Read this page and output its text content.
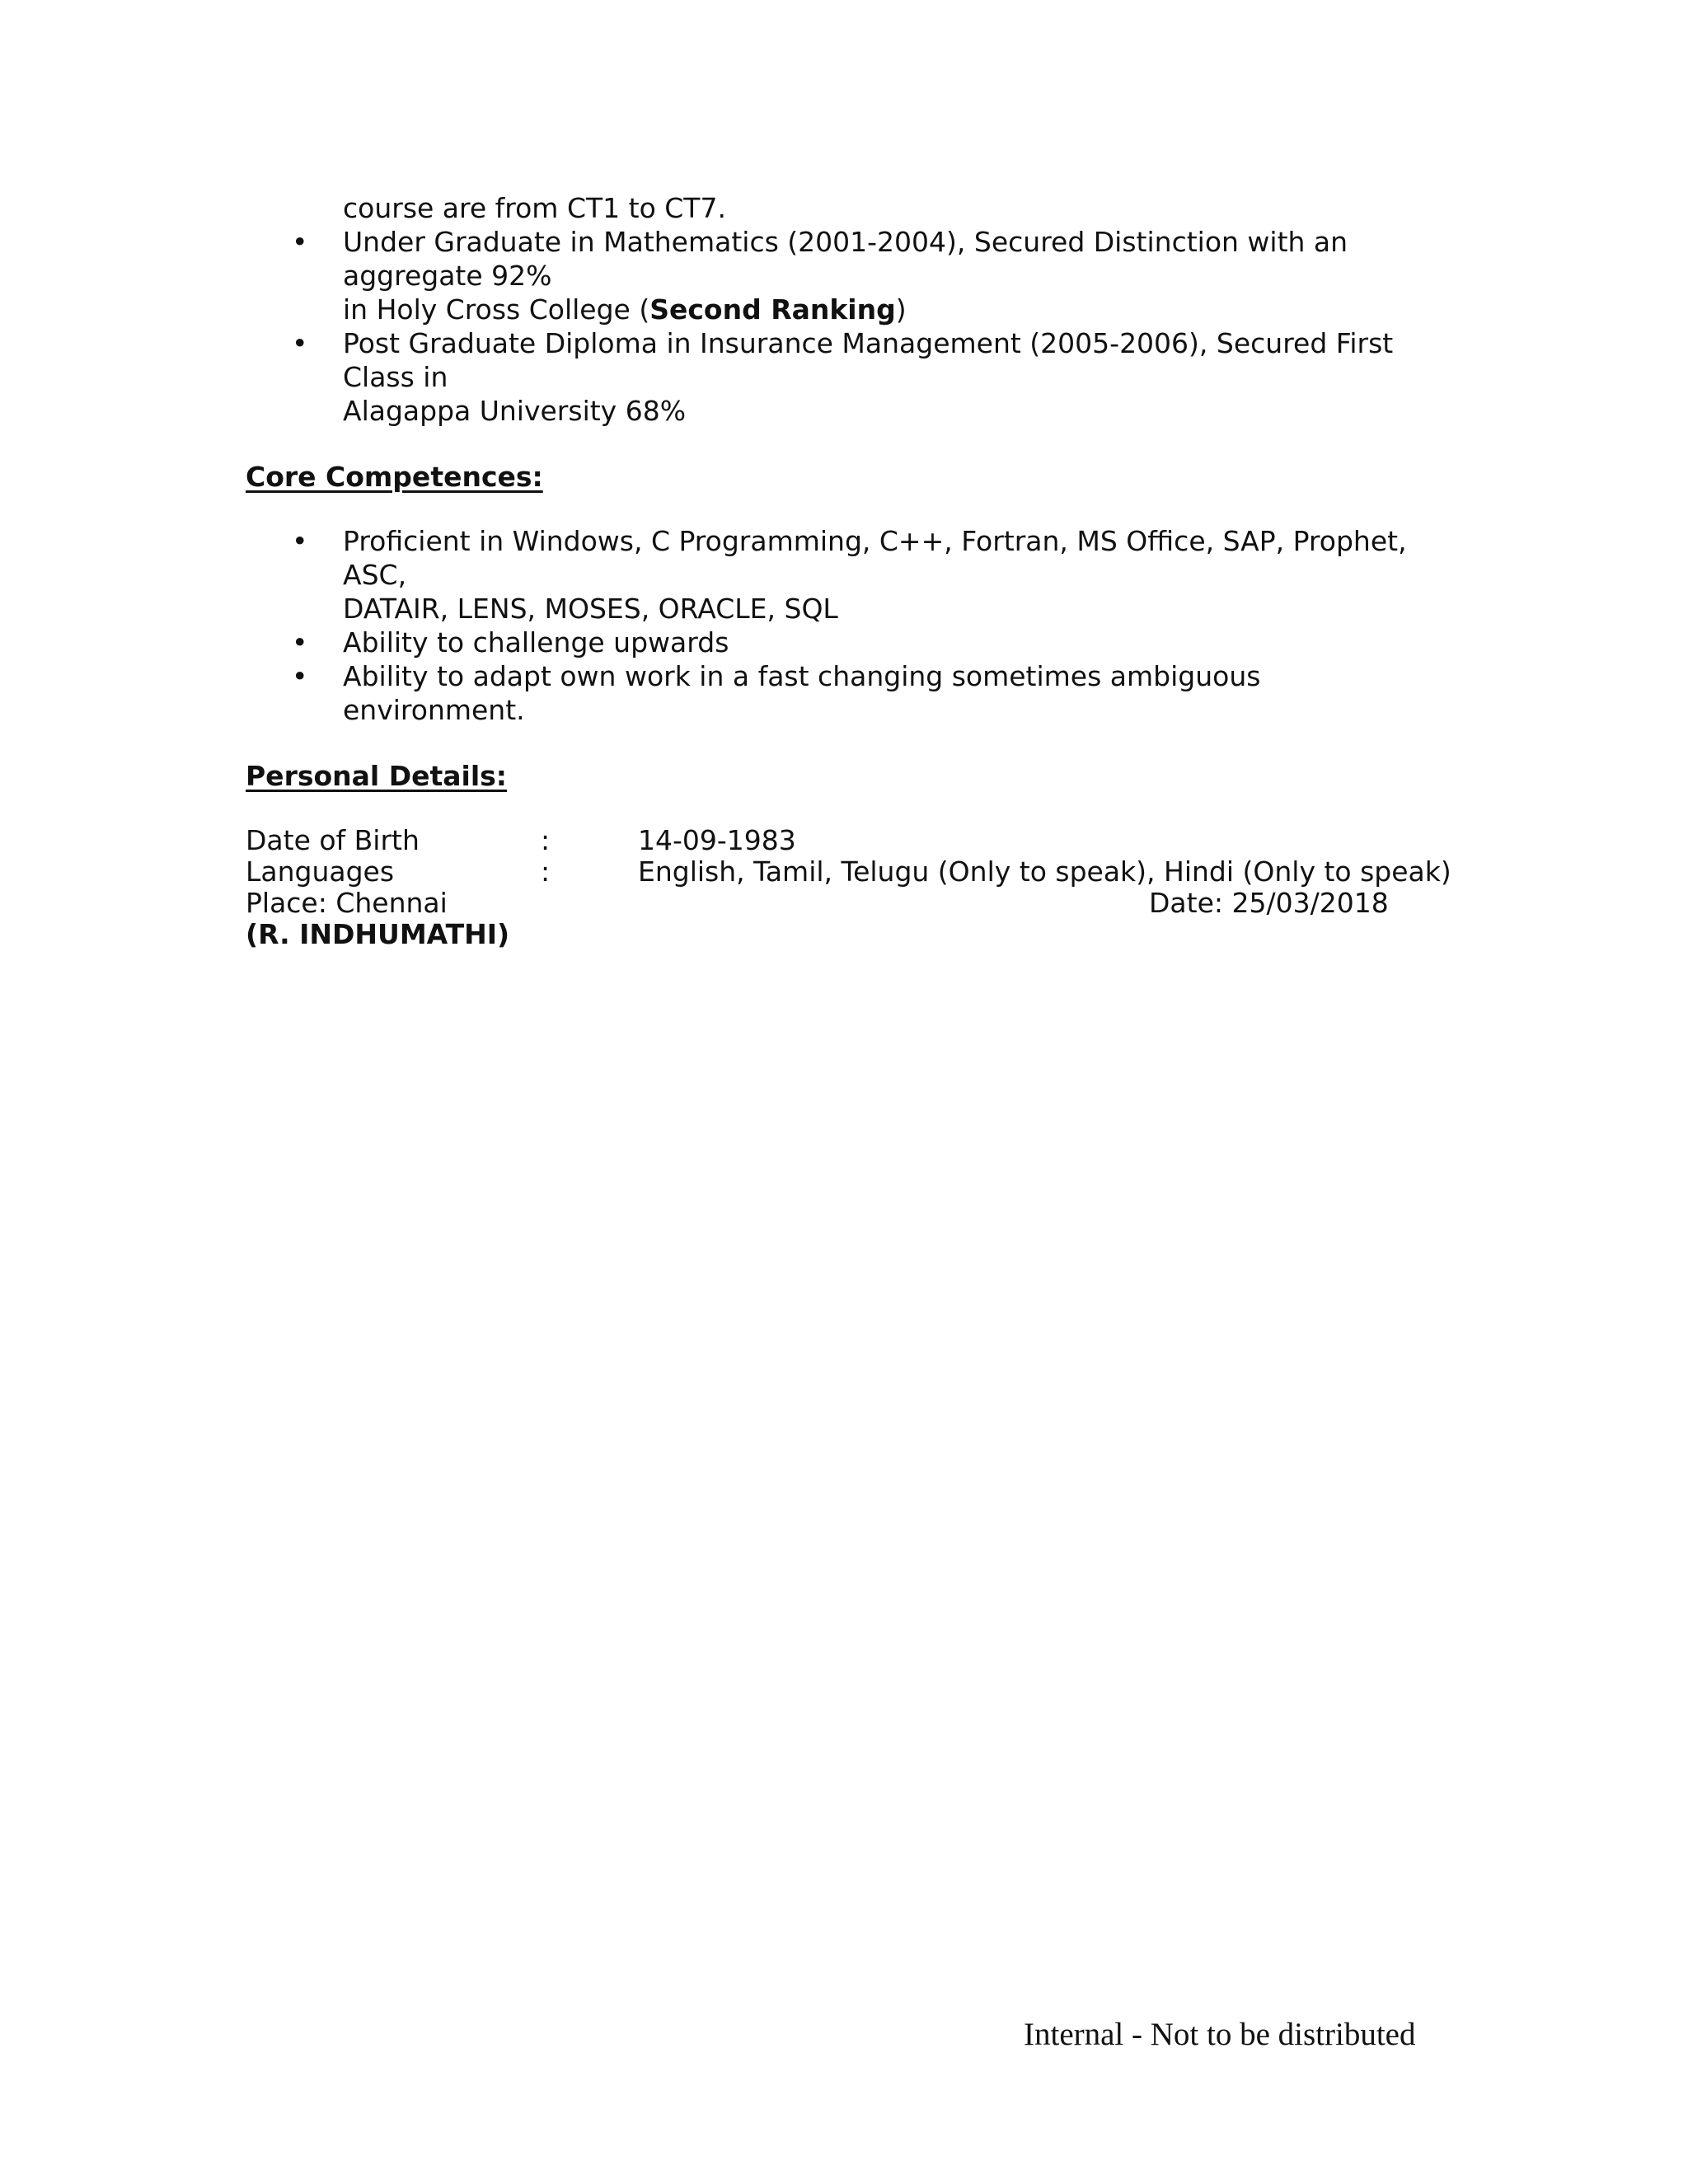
course are from CT1 to CT7.
• Under Graduate in Mathematics (2001-2004), Secured Distinction with an aggregate 92%
in Holy Cross College (Second Ranking)
• Post Graduate Diploma in Insurance Management (2005-2006), Secured First Class in
Alagappa University 68%
Core Competences:
• Proficient in Windows, C Programming, C++, Fortran, MS Office, SAP, Prophet, ASC,
DATAIR, LENS, MOSES, ORACLE, SQL
• Ability to challenge upwards
• Ability to adapt own work in a fast changing sometimes ambiguous environment.
Personal Details:
Date of Birth	:	14-09-1983
Languages	:	English, Tamil, Telugu (Only to speak), Hindi (Only to speak)
Place: Chennai	Date: 25/03/2018
(R. INDHUMATHI)
Internal - Not to be distributed
